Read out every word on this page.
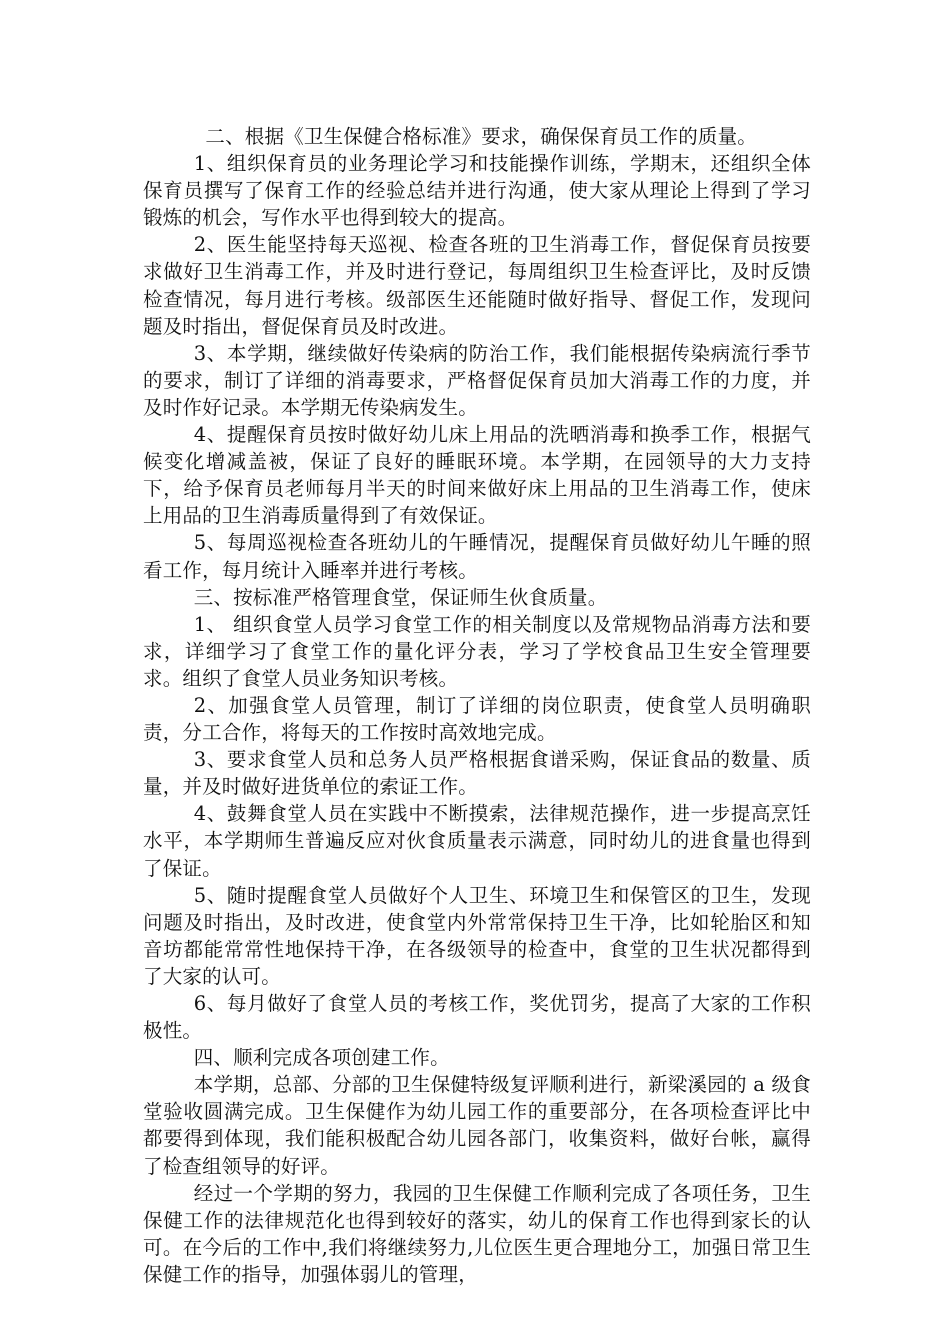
二、根据《卫生保健合格标准》要求，确保保育员工作的质量。

1、组织保育员的业务理论学习和技能操作训练，学期末，还组织全体保育员撰写了保育工作的经验总结并进行沟通，使大家从理论上得到了学习锻炼的机会，写作水平也得到较大的提高。

2、医生能坚持每天巡视、检查各班的卫生消毒工作，督促保育员按要求做好卫生消毒工作，并及时进行登记，每周组织卫生检查评比，及时反馈检查情况，每月进行考核。级部医生还能随时做好指导、督促工作，发现问题及时指出，督促保育员及时改进。

3、本学期，继续做好传染病的防治工作，我们能根据传染病流行季节的要求，制订了详细的消毒要求，严格督促保育员加大消毒工作的力度，并及时作好记录。本学期无传染病发生。

4、提醒保育员按时做好幼儿床上用品的洗晒消毒和换季工作，根据气候变化增减盖被，保证了良好的睡眠环境。本学期，在园领导的大力支持下，给予保育员老师每月半天的时间来做好床上用品的卫生消毒工作，使床上用品的卫生消毒质量得到了有效保证。

5、每周巡视检查各班幼儿的午睡情况，提醒保育员做好幼儿午睡的照看工作，每月统计入睡率并进行考核。

三、按标准严格管理食堂，保证师生伙食质量。

1、 组织食堂人员学习食堂工作的相关制度以及常规物品消毒方法和要求，详细学习了食堂工作的量化评分表，学习了学校食品卫生安全管理要求。组织了食堂人员业务知识考核。

2、加强食堂人员管理，制订了详细的岗位职责，使食堂人员明确职责，分工合作，将每天的工作按时高效地完成。

3、要求食堂人员和总务人员严格根据食谱采购，保证食品的数量、质量，并及时做好进货单位的索证工作。

4、鼓舞食堂人员在实践中不断摸索，法律规范操作，进一步提高烹饪水平，本学期师生普遍反应对伙食质量表示满意，同时幼儿的进食量也得到了保证。

5、随时提醒食堂人员做好个人卫生、环境卫生和保管区的卫生，发现问题及时指出，及时改进，使食堂内外常常保持卫生干净，比如轮胎区和知音坊都能常常性地保持干净，在各级领导的检查中，食堂的卫生状况都得到了大家的认可。

6、每月做好了食堂人员的考核工作，奖优罚劣，提高了大家的工作积极性。

四、顺利完成各项创建工作。

本学期，总部、分部的卫生保健特级复评顺利进行，新梁溪园的 a 级食堂验收圆满完成。卫生保健作为幼儿园工作的重要部分，在各项检查评比中都要得到体现，我们能积极配合幼儿园各部门，收集资料，做好台帐，赢得了检查组领导的好评。

经过一个学期的努力，我园的卫生保健工作顺利完成了各项任务，卫生保健工作的法律规范化也得到较好的落实，幼儿的保育工作也得到家长的认可。在今后的工作中,我们将继续努力,儿位医生更合理地分工，加强日常卫生保健工作的指导，加强体弱儿的管理，
